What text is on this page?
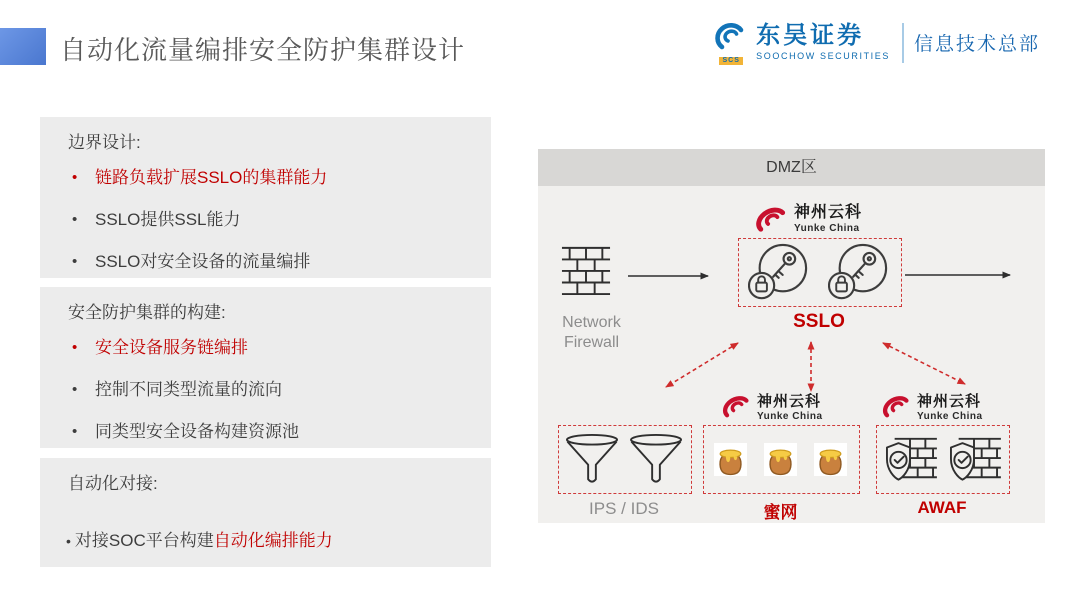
自动化流量编排安全防护集群设计	SCS
东吴证券
SOOCHOW SECURITIES
信息技术总部

边界设计:

•	链路负载扩展SSLO的集群能力
•	SSLO提供SSL能力
•	SSLO对安全设备的流量编排

安全防护集群的构建:

•	安全设备服务链编排
•	控制不同类型流量的流向
•	同类型安全设备构建资源池

自动化对接:

• 对接SOC平台构建自动化编排能力
DMZ区
Network
Firewall
神州云科
Yunke China
SSLO
IPS / IDS
神州云科
Yunke China
蜜网
神州云科
Yunke China
AWAF
